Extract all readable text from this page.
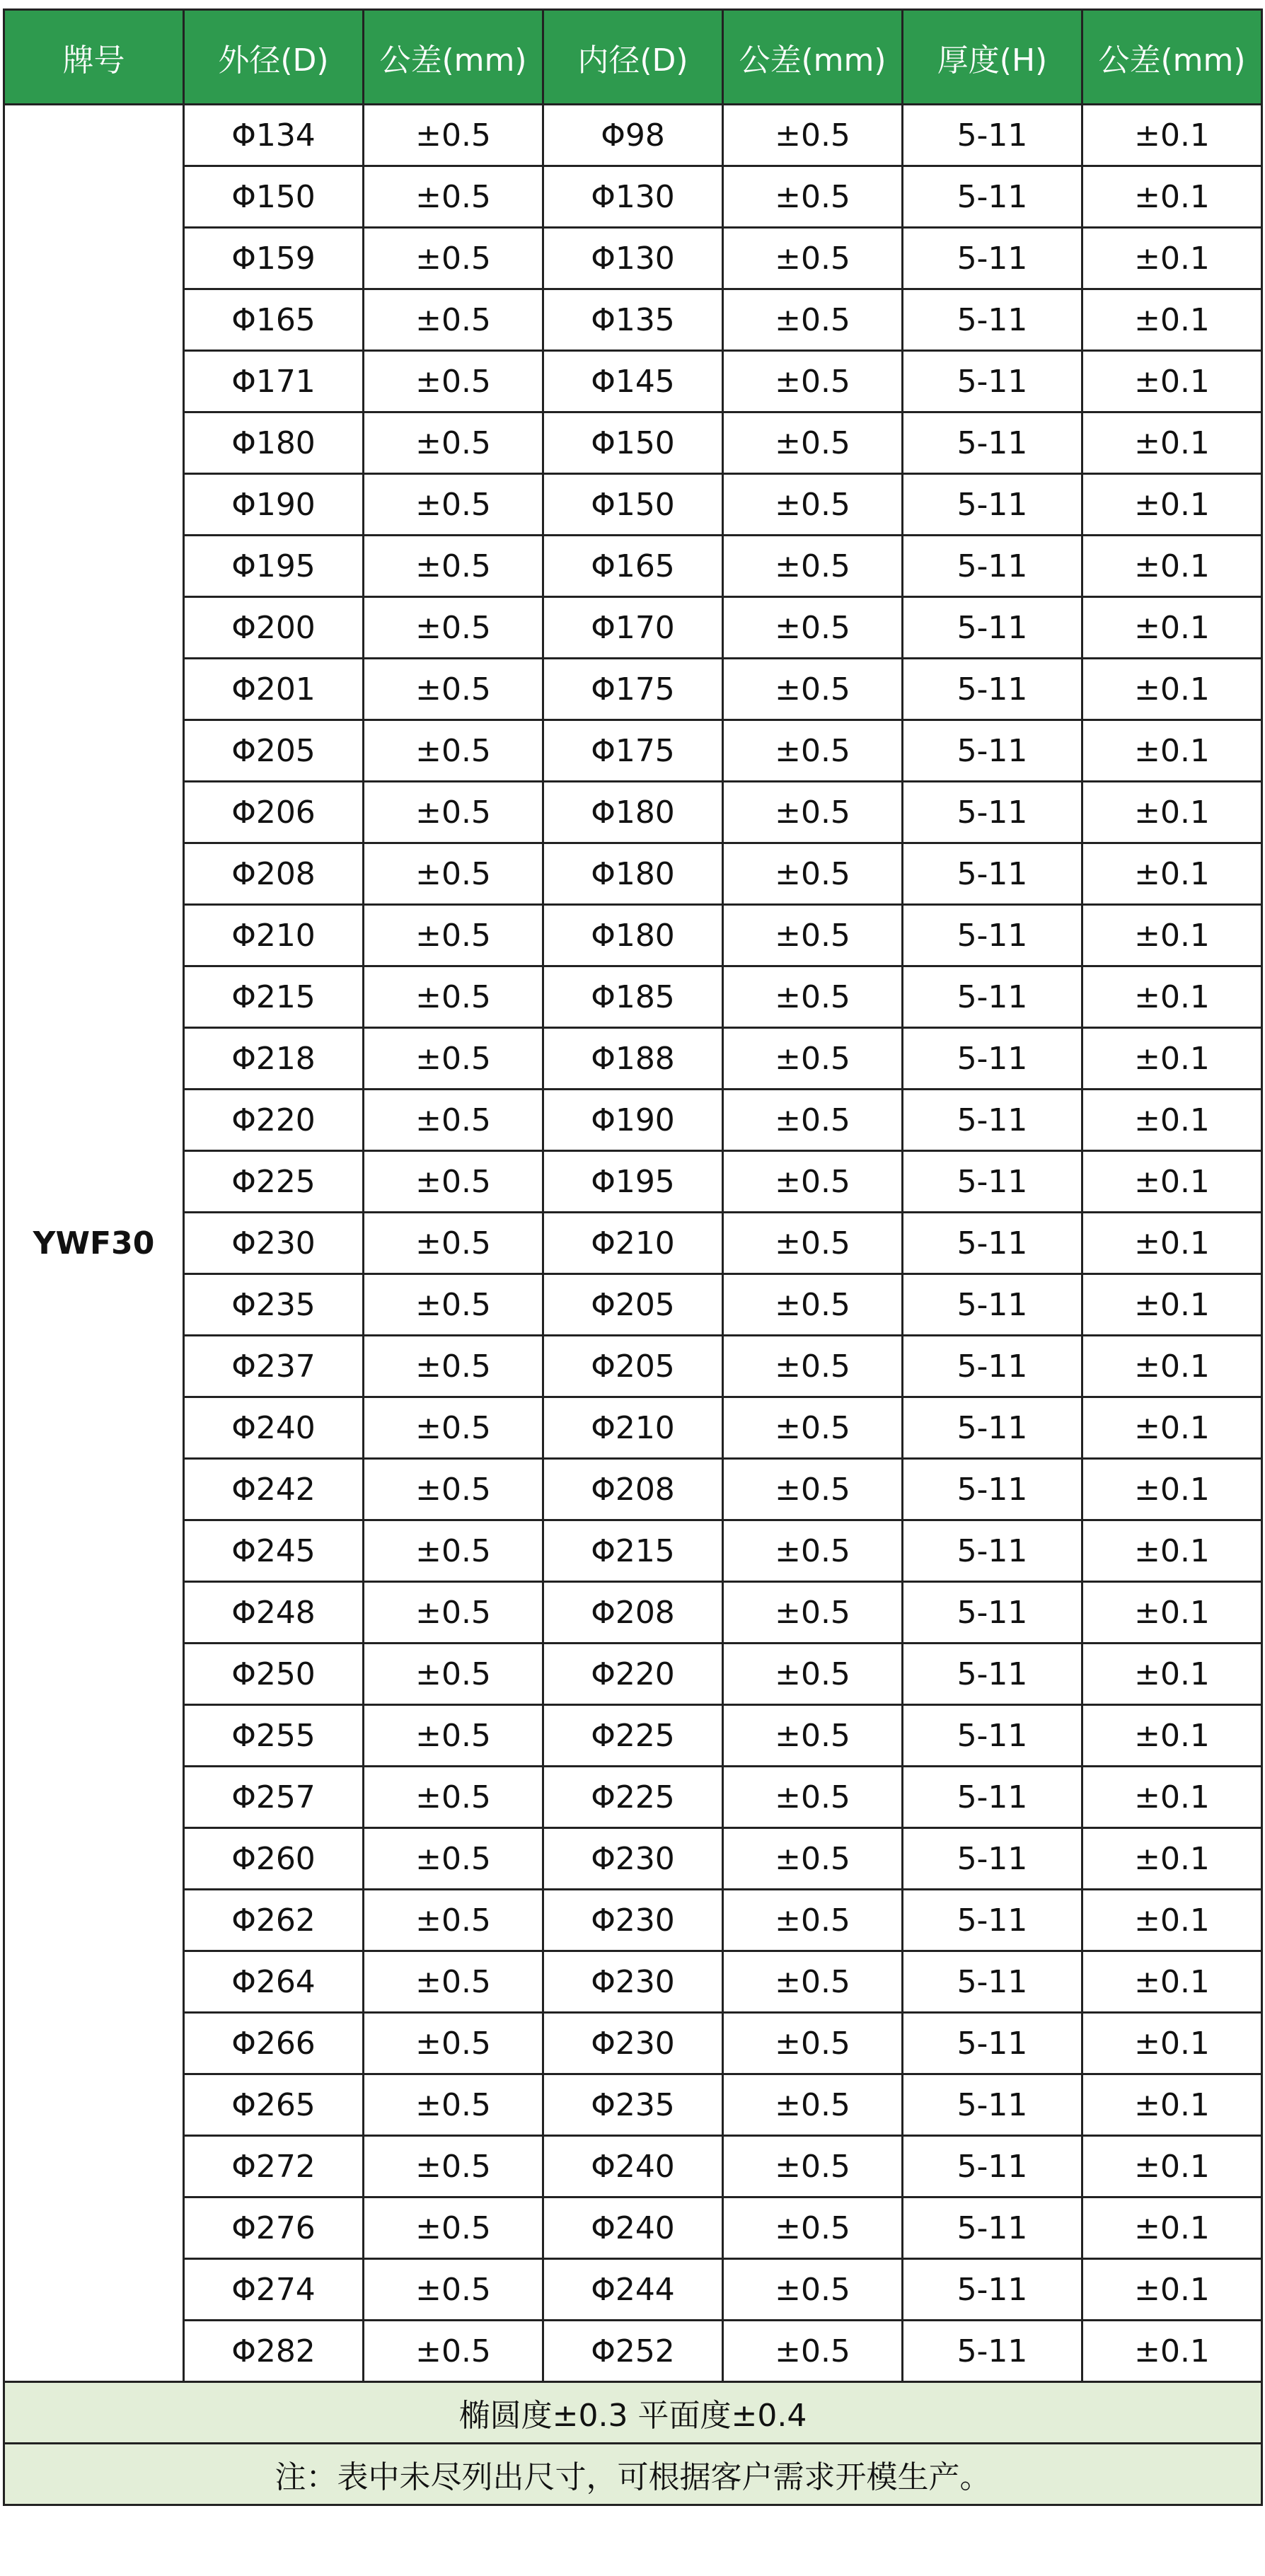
牌号	外径(D)	公差(mm)	内径(D)	公差(mm)	厚度(H)	公差(mm)
YWF30	Φ134	±0.5	Φ98	±0.5	5-11	±0.1
	Φ150	±0.5	Φ130	±0.5	5-11	±0.1
	Φ159	±0.5	Φ130	±0.5	5-11	±0.1
	Φ165	±0.5	Φ135	±0.5	5-11	±0.1
	Φ171	±0.5	Φ145	±0.5	5-11	±0.1
	Φ180	±0.5	Φ150	±0.5	5-11	±0.1
	Φ190	±0.5	Φ150	±0.5	5-11	±0.1
	Φ195	±0.5	Φ165	±0.5	5-11	±0.1
	Φ200	±0.5	Φ170	±0.5	5-11	±0.1
	Φ201	±0.5	Φ175	±0.5	5-11	±0.1
	Φ205	±0.5	Φ175	±0.5	5-11	±0.1
	Φ206	±0.5	Φ180	±0.5	5-11	±0.1
	Φ208	±0.5	Φ180	±0.5	5-11	±0.1
	Φ210	±0.5	Φ180	±0.5	5-11	±0.1
	Φ215	±0.5	Φ185	±0.5	5-11	±0.1
	Φ218	±0.5	Φ188	±0.5	5-11	±0.1
	Φ220	±0.5	Φ190	±0.5	5-11	±0.1
	Φ225	±0.5	Φ195	±0.5	5-11	±0.1
	Φ230	±0.5	Φ210	±0.5	5-11	±0.1
	Φ235	±0.5	Φ205	±0.5	5-11	±0.1
	Φ237	±0.5	Φ205	±0.5	5-11	±0.1
	Φ240	±0.5	Φ210	±0.5	5-11	±0.1
	Φ242	±0.5	Φ208	±0.5	5-11	±0.1
	Φ245	±0.5	Φ215	±0.5	5-11	±0.1
	Φ248	±0.5	Φ208	±0.5	5-11	±0.1
	Φ250	±0.5	Φ220	±0.5	5-11	±0.1
	Φ255	±0.5	Φ225	±0.5	5-11	±0.1
	Φ257	±0.5	Φ225	±0.5	5-11	±0.1
	Φ260	±0.5	Φ230	±0.5	5-11	±0.1
	Φ262	±0.5	Φ230	±0.5	5-11	±0.1
	Φ264	±0.5	Φ230	±0.5	5-11	±0.1
	Φ266	±0.5	Φ230	±0.5	5-11	±0.1
	Φ265	±0.5	Φ235	±0.5	5-11	±0.1
	Φ272	±0.5	Φ240	±0.5	5-11	±0.1
	Φ276	±0.5	Φ240	±0.5	5-11	±0.1
	Φ274	±0.5	Φ244	±0.5	5-11	±0.1
	Φ282	±0.5	Φ252	±0.5	5-11	±0.1
椭圆度±0.3 平面度±0.4						
注：表中未尽列出尺寸，可根据客户需求开模生产。						
